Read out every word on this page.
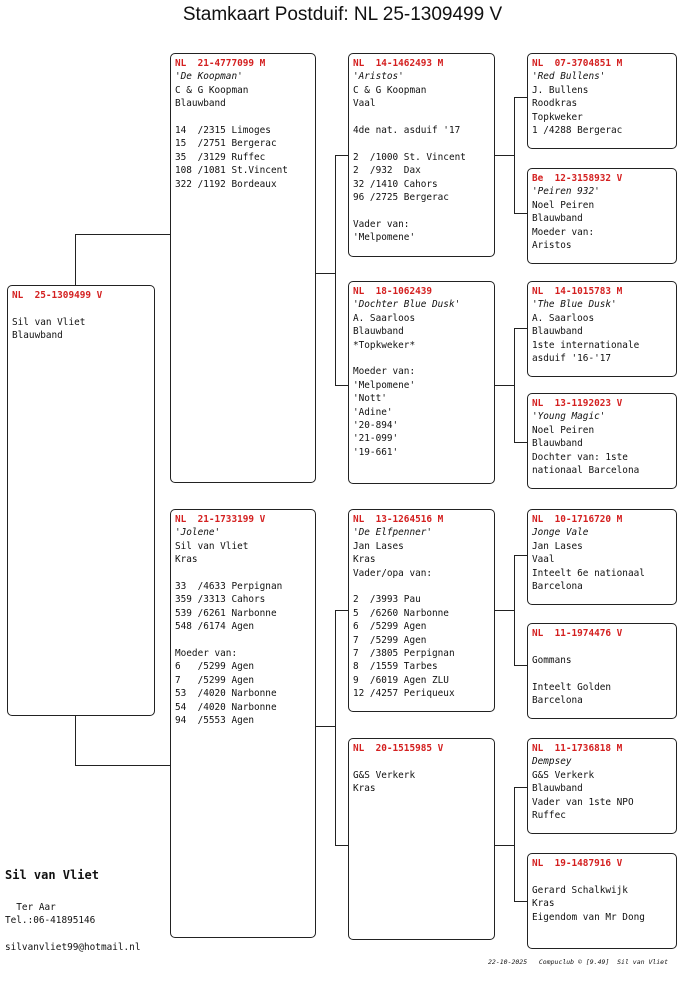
Stamkaart Postduif: NL 25-1309499 V
NL  25-1309499 V
Sil van Vliet
Blauwband
NL  21-4777099 M
'De Koopman'
C & G Koopman
Blauwband
14  /2315 Limoges
15  /2751 Bergerac
35  /3129 Ruffec
108 /1081 St.Vincent
322 /1192 Bordeaux
NL  21-1733199 V
'Jolene'
Sil van Vliet
Kras
33  /4633 Perpignan
359 /3313 Cahors
539 /6261 Narbonne
548 /6174 Agen
Moeder van:
6   /5299 Agen
7   /5299 Agen
53  /4020 Narbonne
54  /4020 Narbonne
94  /5553 Agen
NL  14-1462493 M
'Aristos'
C & G Koopman
Vaal
4de nat. asduif '17
2  /1000 St. Vincent
2  /932  Dax
32 /1410 Cahors
96 /2725 Bergerac
Vader van:
'Melpomene'
NL  18-1062439
'Dochter Blue Dusk'
A. Saarloos
Blauwband
*Topkweker*
Moeder van:
'Melpomene'
'Nott'
'Adine'
'20-894'
'21-099'
'19-661'
NL  13-1264516 M
'De Elfpenner'
Jan Lases
Kras
Vader/opa van:
2  /3993 Pau
5  /6260 Narbonne
6  /5299 Agen
7  /5299 Agen
7  /3805 Perpignan
8  /1559 Tarbes
9  /6019 Agen ZLU
12 /4257 Periqueux
NL  20-1515985 V
G&S Verkerk
Kras
NL  07-3704851 M
'Red Bullens'
J. Bullens
Roodkras
Topkweker
1 /4288 Bergerac
Be  12-3158932 V
'Peiren 932'
Noel Peiren
Blauwband
Moeder van:
Aristos
NL  14-1015783 M
'The Blue Dusk'
A. Saarloos
Blauwband
1ste internationale
asduif '16-'17
NL  13-1192023 V
'Young Magic'
Noel Peiren
Blauwband
Dochter van: 1ste
nationaal Barcelona
NL  10-1716720 M
Jonge Vale
Jan Lases
Vaal
Inteelt 6e nationaal
Barcelona
NL  11-1974476 V
Gommans
Inteelt Golden
Barcelona
NL  11-1736818 M
Dempsey
G&S Verkerk
Blauwband
Vader van 1ste NPO
Ruffec
NL  19-1487916 V
Gerard Schalkwijk
Kras
Eigendom van Mr Dong
Sil van Vliet
Ter Aar
Tel.:06-41895146
silvanvliet99@hotmail.nl
22-10-2025   Compuclub © [9.49]  Sil van Vliet
